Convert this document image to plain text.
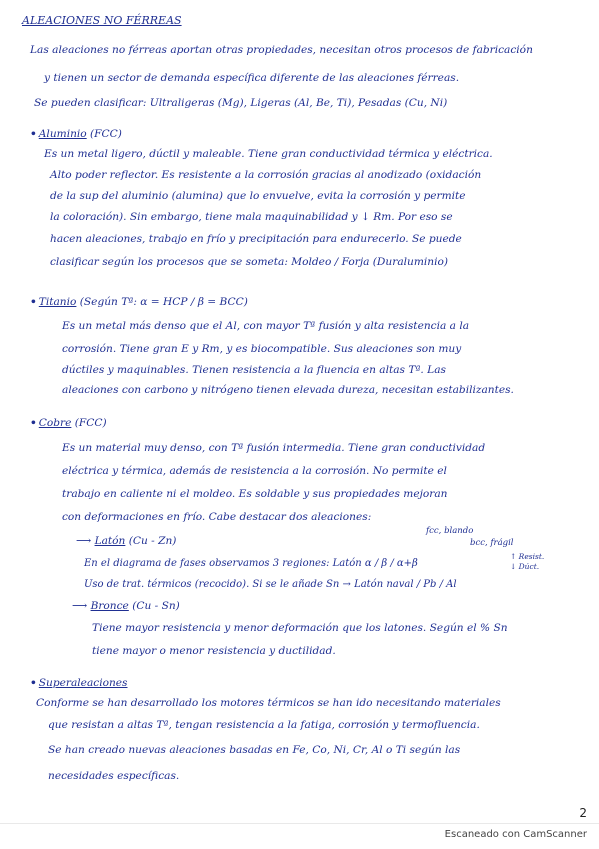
ALEACIONES NO FÉRREAS
Las aleaciones no férreas aportan otras propiedades, necesitan otros procesos de fabricación
y tienen un sector de demanda específica diferente de las aleaciones férreas.
Se pueden clasificar: Ultraligeras (Mg), Ligeras (Al, Be, Ti), Pesadas (Cu, Ni)
• Aluminio (FCC)
Es un metal ligero, dúctil y maleable. Tiene gran conductividad térmica y eléctrica.
Alto poder reflector. Es resistente a la corrosión gracias al anodizado (oxidación
de la sup del aluminio (alumina) que lo envuelve, evita la corrosión y permite
la coloración). Sin embargo, tiene mala maquinabilidad y ↓ Rm. Por eso se
hacen aleaciones, trabajo en frío y precipitación para endurecerlo. Se puede
clasificar según los procesos que se someta: Moldeo / Forja (Duraluminio)
• Titanio (Según Tª: α = HCP / β = BCC)
Es un metal más denso que el Al, con mayor Tª fusión y alta resistencia a la
corrosión. Tiene gran E y Rm, y es biocompatible. Sus aleaciones son muy
dúctiles y maquinables. Tienen resistencia a la fluencia en altas Tª. Las
aleaciones con carbono y nitrógeno tienen elevada dureza, necesitan estabilizantes.
• Cobre (FCC)
Es un material muy denso, con Tª fusión intermedia. Tiene gran conductividad
eléctrica y térmica, además de resistencia a la corrosión. No permite el
trabajo en caliente ni el moldeo. Es soldable y sus propiedades mejoran
con deformaciones en frío. Cabe destacar dos aleaciones:
fcc, blando
bcc, frágil
⟶ Latón (Cu - Zn)
En el diagrama de fases observamos 3 regiones: Latón α / β / α+β
↑ Resist.
↓ Dúct.
Uso de trat. térmicos (recocido). Si se le añade Sn → Latón naval / Pb / Al
⟶ Bronce (Cu - Sn)
Tiene mayor resistencia y menor deformación que los latones. Según el % Sn
tiene mayor o menor resistencia y ductilidad.
• Superaleaciones
Conforme se han desarrollado los motores térmicos se han ido necesitando materiales
que resistan a altas Tª, tengan resistencia a la fatiga, corrosión y termofluencia.
Se han creado nuevas aleaciones basadas en Fe, Co, Ni, Cr, Al o Ti según las
necesidades específicas.
2
Escaneado con CamScanner
